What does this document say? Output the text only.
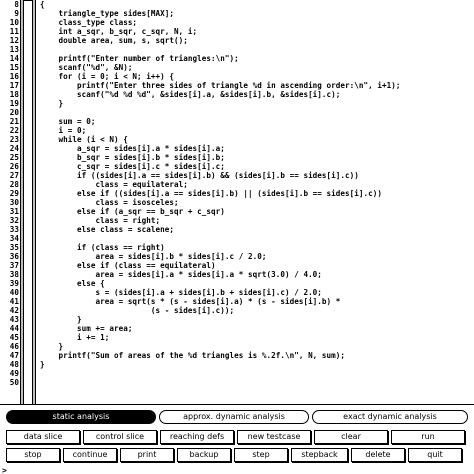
8	{
9	triangle_type sides[MAX];
10	class_type class;
11	int a_sqr, b_sqr, c_sqr, N, i;
12	double area, sum, s, sqrt();
13
14	printf("Enter number of triangles:\n");
15	scanf("%d", &N);
16	for (i = 0; i < N; i++) {
17	printf("Enter three sides of triangle %d in ascending order:\n", i+1);
18	scanf("%d %d %d", &sides[i].a, &sides[i].b, &sides[i].c);
19	}
20
21	sum = 0;
22	i = 0;
23	while (i < N) {
24	a_sqr = sides[i].a * sides[i].a;
25	b_sqr = sides[i].b * sides[i].b;
26	c_sqr = sides[i].c * sides[i].c;
27	if ((sides[i].a == sides[i].b) && (sides[i].b == sides[i].c))
28	class = equilateral;
29	else if ((sides[i].a == sides[i].b) || (sides[i].b == sides[i].c))
30	class = isosceles;
31	else if (a_sqr == b_sqr + c_sqr)
32	class = right;
33	else class = scalene;
34
35	if (class == right)
36	area = sides[i].b * sides[i].c / 2.0;
37	else if (class == equilateral)
38	area = sides[i].a * sides[i].a * sqrt(3.0) / 4.0;
39	else {
40	s = (sides[i].a + sides[i].b + sides[i].c) / 2.0;
41	area = sqrt(s * (s - sides[i].a) * (s - sides[i].b) *
42	(s - sides[i].c));
43	}
44	sum += area;
45	i += 1;
46	}
47	printf("Sum of areas of the %d triangles is %.2f.\n", N, sum);
48	}
49
50
static analysis	approx. dynamic analysis	exact dynamic analysis
data slice	control slice	reaching defs	new testcase	clear	run
stop	continue	print	backup	step	stepback	delete	quit
>
